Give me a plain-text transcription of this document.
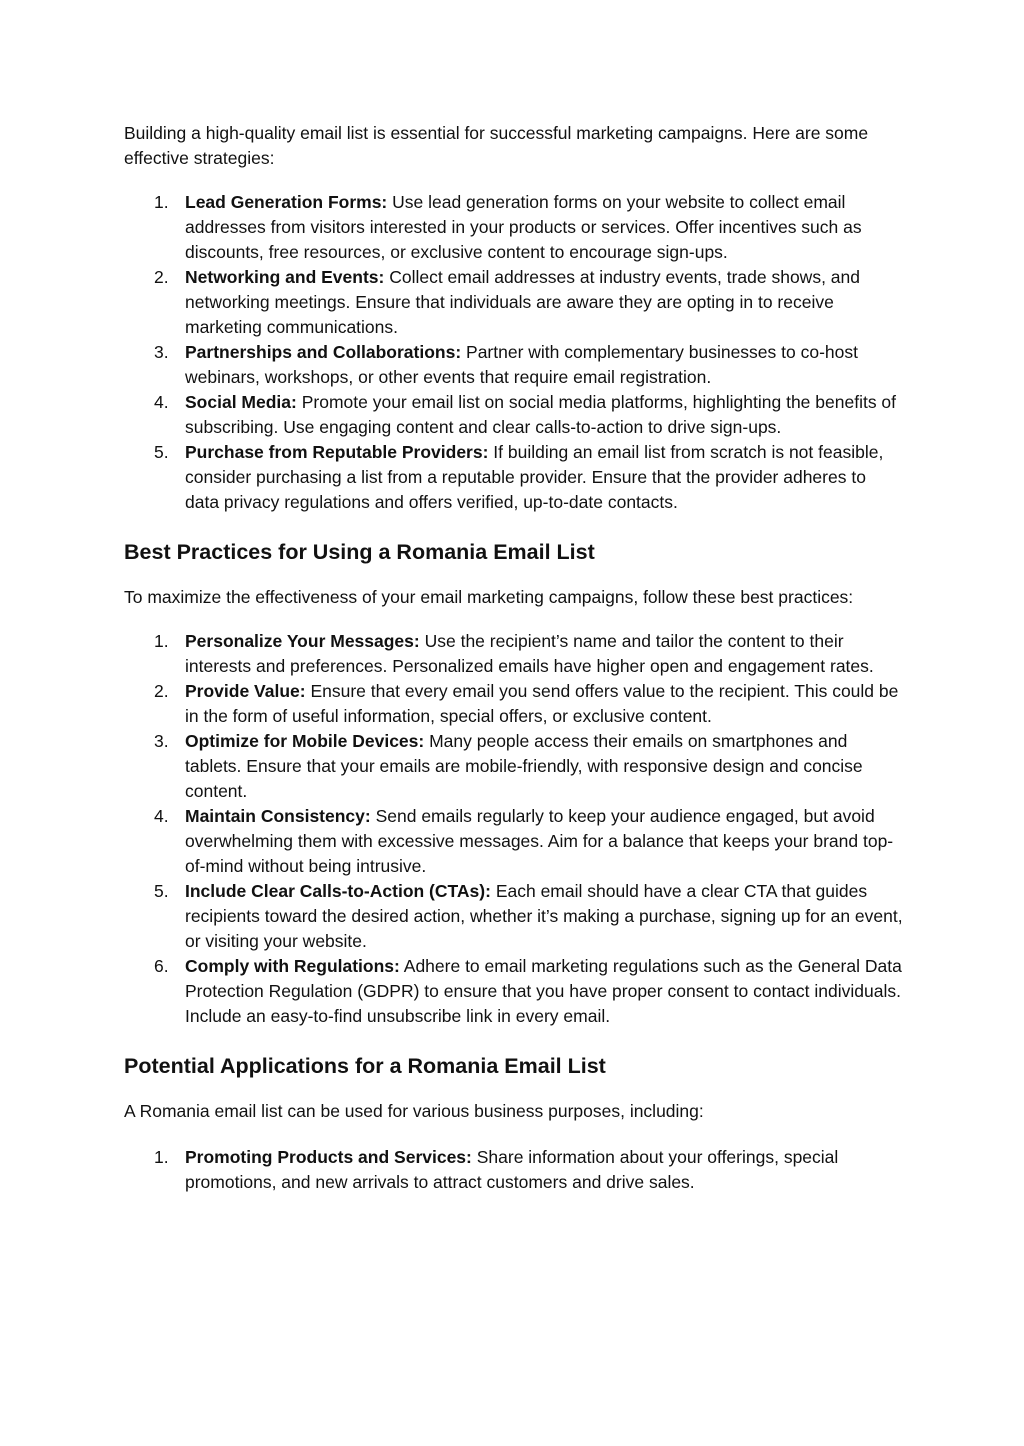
Building a high-quality email list is essential for successful marketing campaigns. Here are some effective strategies:

1. Lead Generation Forms: Use lead generation forms on your website to collect email addresses from visitors interested in your products or services. Offer incentives such as discounts, free resources, or exclusive content to encourage sign-ups.
2. Networking and Events: Collect email addresses at industry events, trade shows, and networking meetings. Ensure that individuals are aware they are opting in to receive marketing communications.
3. Partnerships and Collaborations: Partner with complementary businesses to co-host webinars, workshops, or other events that require email registration.
4. Social Media: Promote your email list on social media platforms, highlighting the benefits of subscribing. Use engaging content and clear calls-to-action to drive sign-ups.
5. Purchase from Reputable Providers: If building an email list from scratch is not feasible, consider purchasing a list from a reputable provider. Ensure that the provider adheres to data privacy regulations and offers verified, up-to-date contacts.
Best Practices for Using a Romania Email List

To maximize the effectiveness of your email marketing campaigns, follow these best practices:

1. Personalize Your Messages: Use the recipient’s name and tailor the content to their interests and preferences. Personalized emails have higher open and engagement rates.
2. Provide Value: Ensure that every email you send offers value to the recipient. This could be in the form of useful information, special offers, or exclusive content.
3. Optimize for Mobile Devices: Many people access their emails on smartphones and tablets. Ensure that your emails are mobile-friendly, with responsive design and concise content.
4. Maintain Consistency: Send emails regularly to keep your audience engaged, but avoid overwhelming them with excessive messages. Aim for a balance that keeps your brand top-of-mind without being intrusive.
5. Include Clear Calls-to-Action (CTAs): Each email should have a clear CTA that guides recipients toward the desired action, whether it’s making a purchase, signing up for an event, or visiting your website.
6. Comply with Regulations: Adhere to email marketing regulations such as the General Data Protection Regulation (GDPR) to ensure that you have proper consent to contact individuals. Include an easy-to-find unsubscribe link in every email.
Potential Applications for a Romania Email List

A Romania email list can be used for various business purposes, including:

1. Promoting Products and Services: Share information about your offerings, special promotions, and new arrivals to attract customers and drive sales.
